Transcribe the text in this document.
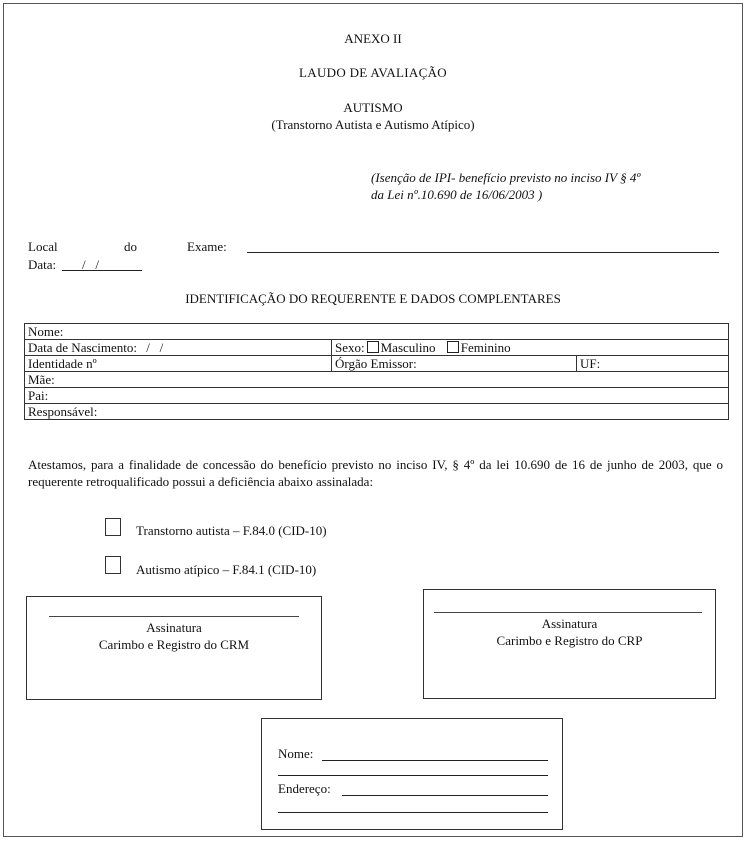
ANEXO II
LAUDO DE AVALIAÇÃO
AUTISMO
(Transtorno Autista e Autismo Atípico)
(Isenção de IPI- benefício previsto no inciso IV § 4º
da Lei nº.10.690 de 16/06/2003 )
Local	do	Exame:
Data: /   /
IDENTIFICAÇÃO DO REQUERENTE E DADOS COMPLENTARES
Nome:		
Data de Nascimento: /   /	Sexo: Masculino Feminino	
Identidade nº	Órgão Emissor:	UF:
Mãe:		
Pai:		
Responsável:		
Atestamos, para a finalidade de concessão do benefício previsto no inciso IV, § 4º da lei 10.690 de 16 de junho de 2003, que o requerente retroqualificado possui a deficiência abaixo assinalada:
Transtorno autista – F.84.0 (CID-10)
Autismo atípico – F.84.1 (CID-10)
Assinatura
Carimbo e Registro do CRM
Assinatura
Carimbo e Registro do CRP
Nome:
Endereço:
